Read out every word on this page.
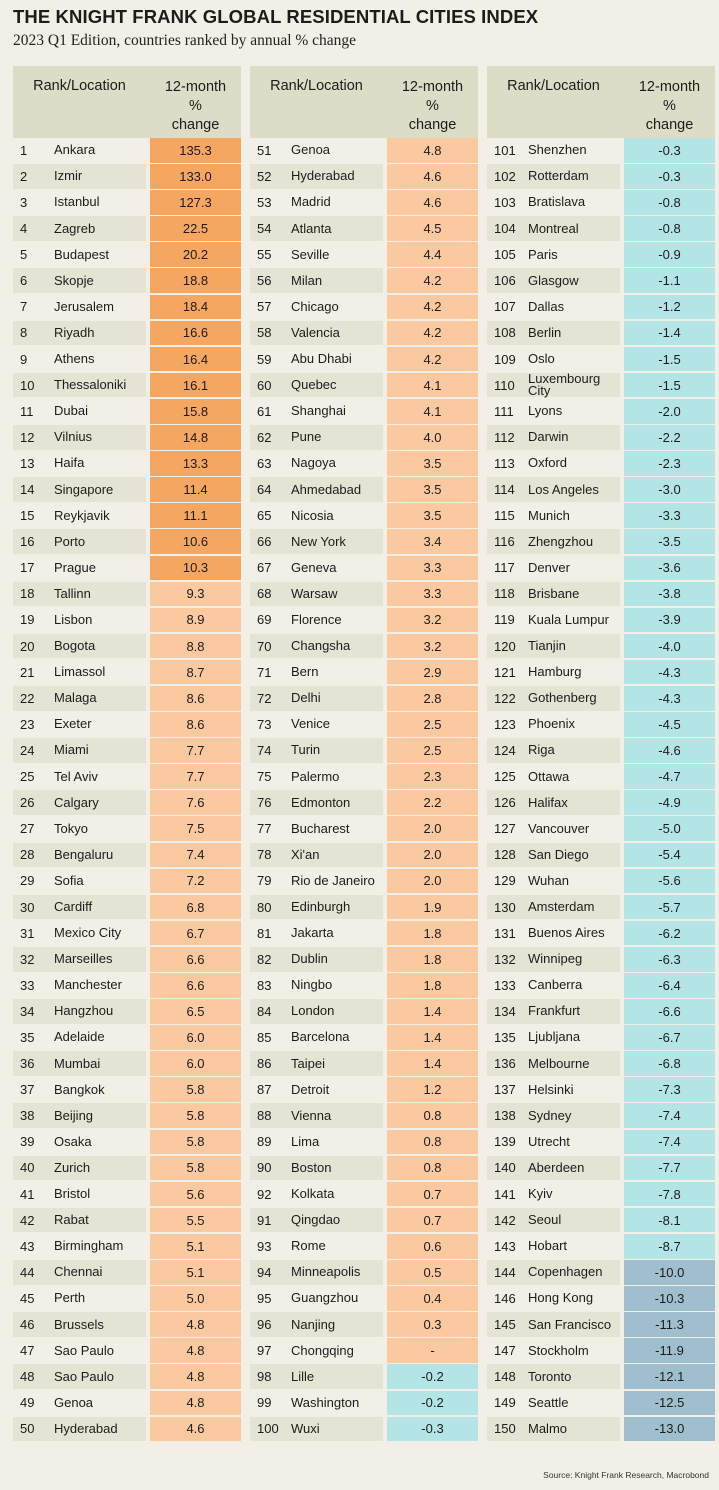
THE KNIGHT FRANK GLOBAL RESIDENTIAL CITIES INDEX
2023 Q1 Edition, countries ranked by annual % change
Rank/Location	12-month
%
change
1	Ankara	135.3
2	Izmir	133.0
3	Istanbul	127.3
4	Zagreb	22.5
5	Budapest	20.2
6	Skopje	18.8
7	Jerusalem	18.4
8	Riyadh	16.6
9	Athens	16.4
10	Thessaloniki	16.1
11	Dubai	15.8
12	Vilnius	14.8
13	Haifa	13.3
14	Singapore	11.4
15	Reykjavik	11.1
16	Porto	10.6
17	Prague	10.3
18	Tallinn	9.3
19	Lisbon	8.9
20	Bogota	8.8
21	Limassol	8.7
22	Malaga	8.6
23	Exeter	8.6
24	Miami	7.7
25	Tel Aviv	7.7
26	Calgary	7.6
27	Tokyo	7.5
28	Bengaluru	7.4
29	Sofia	7.2
30	Cardiff	6.8
31	Mexico City	6.7
32	Marseilles	6.6
33	Manchester	6.6
34	Hangzhou	6.5
35	Adelaide	6.0
36	Mumbai	6.0
37	Bangkok	5.8
38	Beijing	5.8
39	Osaka	5.8
40	Zurich	5.8
41	Bristol	5.6
42	Rabat	5.5
43	Birmingham	5.1
44	Chennai	5.1
45	Perth	5.0
46	Brussels	4.8
47	Sao Paulo	4.8
48	Sao Paulo	4.8
49	Genoa	4.8
50	Hyderabad	4.6
Rank/Location	12-month
%
change
51	Genoa	4.8
52	Hyderabad	4.6
53	Madrid	4.6
54	Atlanta	4.5
55	Seville	4.4
56	Milan	4.2
57	Chicago	4.2
58	Valencia	4.2
59	Abu Dhabi	4.2
60	Quebec	4.1
61	Shanghai	4.1
62	Pune	4.0
63	Nagoya	3.5
64	Ahmedabad	3.5
65	Nicosia	3.5
66	New York	3.4
67	Geneva	3.3
68	Warsaw	3.3
69	Florence	3.2
70	Changsha	3.2
71	Bern	2.9
72	Delhi	2.8
73	Venice	2.5
74	Turin	2.5
75	Palermo	2.3
76	Edmonton	2.2
77	Bucharest	2.0
78	Xi'an	2.0
79	Rio de Janeiro	2.0
80	Edinburgh	1.9
81	Jakarta	1.8
82	Dublin	1.8
83	Ningbo	1.8
84	London	1.4
85	Barcelona	1.4
86	Taipei	1.4
87	Detroit	1.2
88	Vienna	0.8
89	Lima	0.8
90	Boston	0.8
92	Kolkata	0.7
91	Qingdao	0.7
93	Rome	0.6
94	Minneapolis	0.5
95	Guangzhou	0.4
96	Nanjing	0.3
97	Chongqing	-
98	Lille	-0.2
99	Washington	-0.2
100 Wuxi	-0.3
Rank/Location	12-month
%
change
101 Shenzhen	-0.3
102 Rotterdam	-0.3
103 Bratislava	-0.8
104 Montreal	-0.8
105 Paris	-0.9
106 Glasgow	-1.1
107 Dallas	-1.2
108 Berlin	-1.4
109 Oslo	-1.5
110	Luxembourg City	-1.5
111	Lyons	-2.0
112	Darwin	-2.2
113	Oxford	-2.3
114	Los Angeles	-3.0
115	Munich	-3.3
116	Zhengzhou	-3.5
117	Denver	-3.6
118	Brisbane	-3.8
119	Kuala Lumpur	-3.9
120 Tianjin	-4.0
121 Hamburg	-4.3
122 Gothenberg	-4.3
123 Phoenix	-4.5
124 Riga	-4.6
125 Ottawa	-4.7
126 Halifax	-4.9
127 Vancouver	-5.0
128 San Diego	-5.4
129 Wuhan	-5.6
130 Amsterdam	-5.7
131 Buenos Aires	-6.2
132 Winnipeg	-6.3
133 Canberra	-6.4
134 Frankfurt	-6.6
135 Ljubljana	-6.7
136 Melbourne	-6.8
137 Helsinki	-7.3
138 Sydney	-7.4
139 Utrecht	-7.4
140 Aberdeen	-7.7
141 Kyiv	-7.8
142 Seoul	-8.1
143 Hobart	-8.7
144 Copenhagen	-10.0
146 Hong Kong	-10.3
145 San Francisco	-11.3
147 Stockholm	-11.9
148 Toronto	-12.1
149 Seattle	-12.5
150 Malmo	-13.0
Source: Knight Frank Research, Macrobond
